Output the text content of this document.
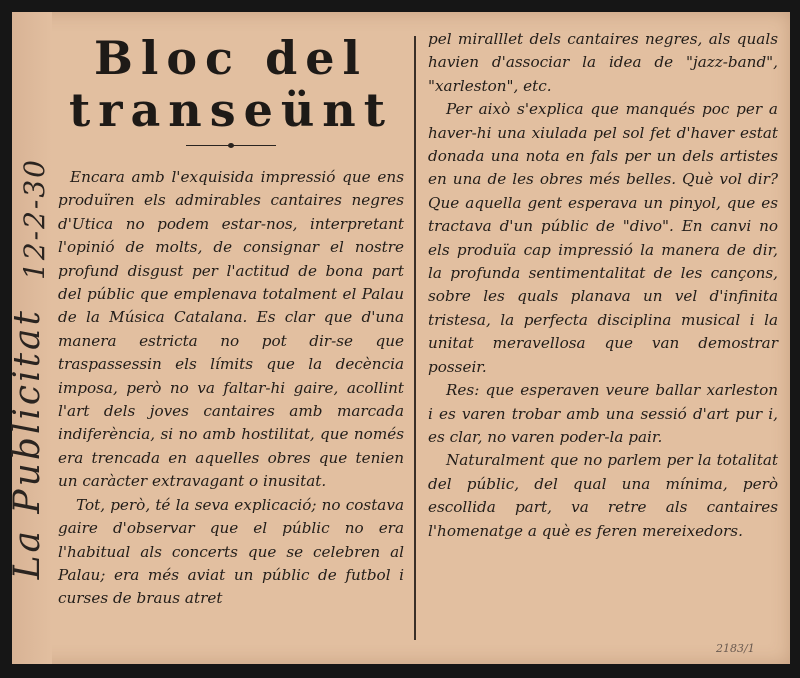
12-2-30
La Publicitat
Bloc del
transeünt

Encara amb l'exquisida impressió que ens produïren els admirables cantaires negres d'Utica no podem estar-nos, interpretant l'opinió de molts, de consignar el nostre profund disgust per l'actitud de bona part del públic que emplenava totalment el Palau de la Música Catalana. Es clar que d'una manera estricta no pot dir-se que traspassessin els límits que la decència imposa, però no va faltar-hi gaire, acollint l'art dels joves cantaires amb marcada indiferència, si no amb hostilitat, que només era trencada en aquelles obres que tenien un caràcter extravagant o inusitat.

Tot, però, té la seva explicació; no costava gaire d'observar que el públic no era l'habitual als concerts que se celebren al Palau; era més aviat un públic de futbol i curses de braus atret

pel miralllet dels cantaires negres, als quals havien d'associar la idea de "jazz-band", "xarleston", etc.

Per això s'explica que manqués poc per a haver-hi una xiulada pel sol fet d'haver estat donada una nota en fals per un dels artistes en una de les obres més belles. Què vol dir? Que aquella gent esperava un pinyol, que es tractava d'un públic de "divo". En canvi no els produïa cap impressió la manera de dir, la profunda sentimentalitat de les cançons, sobre les quals planava un vel d'infinita tristesa, la perfecta disciplina musical i la unitat meravellosa que van demostrar posseir.

Res: que esperaven veure ballar xarleston i es varen trobar amb una sessió d'art pur i, es clar, no varen poder-la pair.

Naturalment que no parlem per la totalitat del públic, del qual una mínima, però escollida part, va retre als cantaires l'homenatge a què es feren mereixedors.

2183/1
